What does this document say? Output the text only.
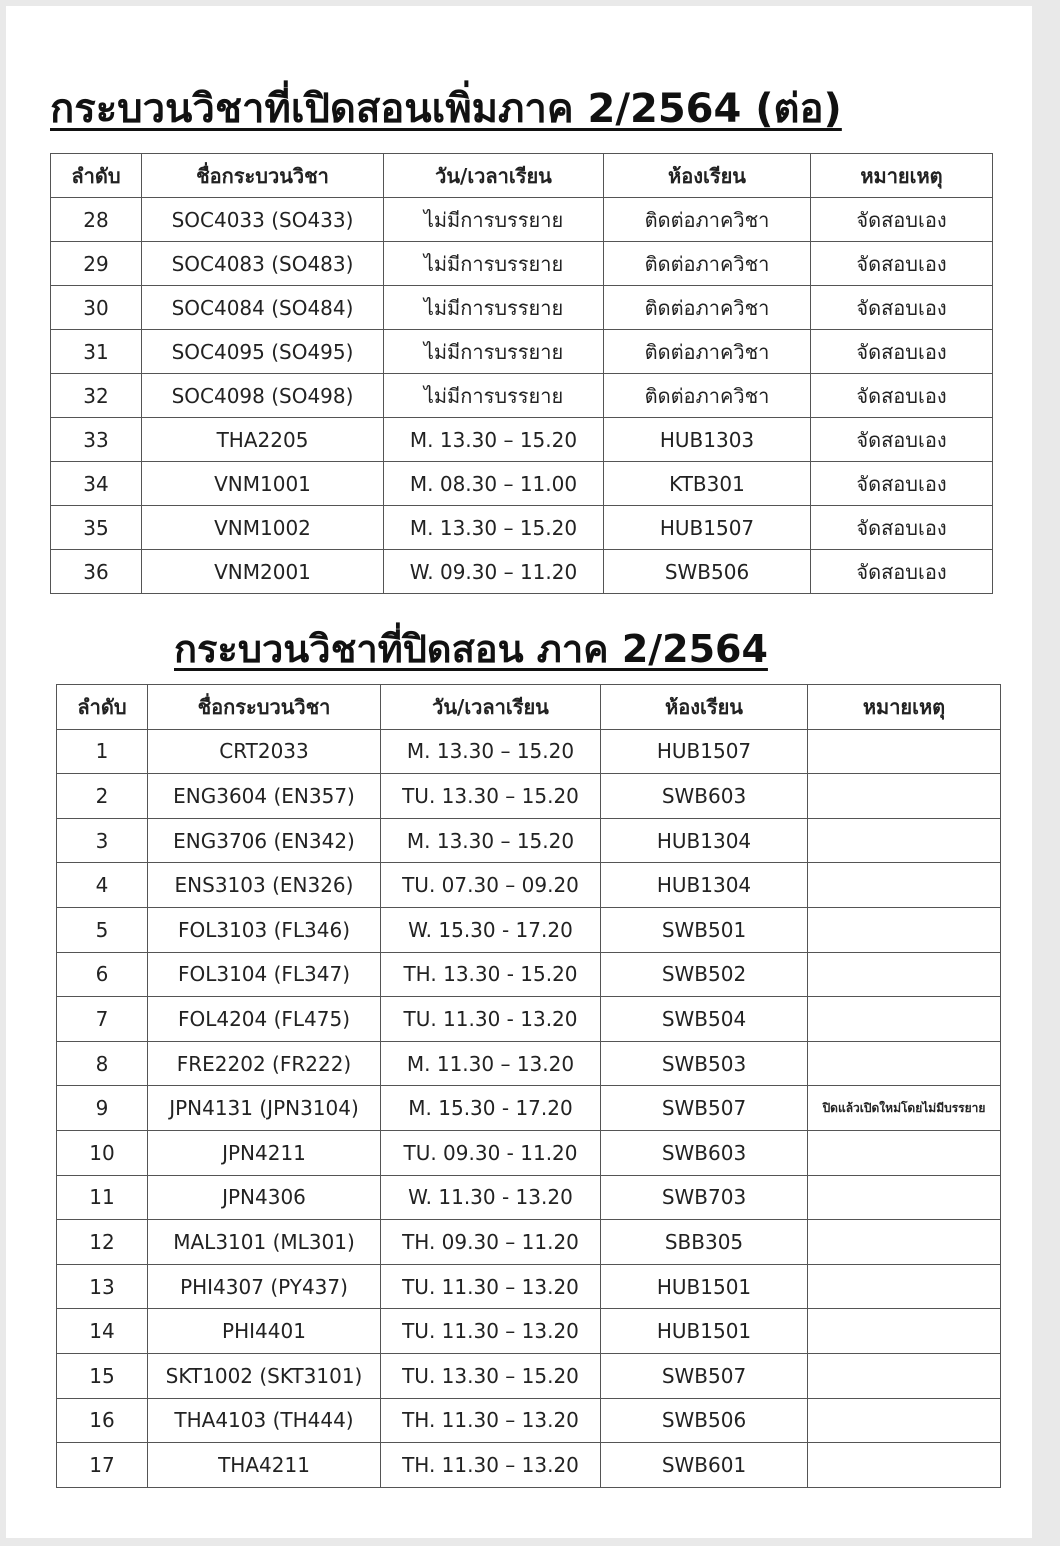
กระบวนวิชาที่เปิดสอนเพิ่มภาค 2/2564 (ต่อ)
ลำดับ	ชื่อกระบวนวิชา	วัน/เวลาเรียน	ห้องเรียน	หมายเหตุ
28	SOC4033 (SO433)	ไม่มีการบรรยาย	ติดต่อภาควิชา	จัดสอบเอง
29	SOC4083 (SO483)	ไม่มีการบรรยาย	ติดต่อภาควิชา	จัดสอบเอง
30	SOC4084 (SO484)	ไม่มีการบรรยาย	ติดต่อภาควิชา	จัดสอบเอง
31	SOC4095 (SO495)	ไม่มีการบรรยาย	ติดต่อภาควิชา	จัดสอบเอง
32	SOC4098 (SO498)	ไม่มีการบรรยาย	ติดต่อภาควิชา	จัดสอบเอง
33	THA2205	M. 13.30 – 15.20	HUB1303	จัดสอบเอง
34	VNM1001	M. 08.30 – 11.00	KTB301	จัดสอบเอง
35	VNM1002	M. 13.30 – 15.20	HUB1507	จัดสอบเอง
36	VNM2001	W. 09.30 – 11.20	SWB506	จัดสอบเอง
กระบวนวิชาที่ปิดสอน ภาค 2/2564
ลำดับ	ชื่อกระบวนวิชา	วัน/เวลาเรียน	ห้องเรียน	หมายเหตุ
1	CRT2033	M. 13.30 – 15.20	HUB1507	
2	ENG3604 (EN357)	TU. 13.30 – 15.20	SWB603	
3	ENG3706 (EN342)	M. 13.30 – 15.20	HUB1304	
4	ENS3103 (EN326)	TU. 07.30 – 09.20	HUB1304	
5	FOL3103 (FL346)	W. 15.30 - 17.20	SWB501	
6	FOL3104 (FL347)	TH. 13.30 - 15.20	SWB502	
7	FOL4204 (FL475)	TU. 11.30 - 13.20	SWB504	
8	FRE2202 (FR222)	M. 11.30 – 13.20	SWB503	
9	JPN4131 (JPN3104)	M. 15.30 - 17.20	SWB507	ปิดแล้วเปิดใหม่โดยไม่มีบรรยาย
10	JPN4211	TU. 09.30 - 11.20	SWB603	
11	JPN4306	W. 11.30 - 13.20	SWB703	
12	MAL3101 (ML301)	TH. 09.30 – 11.20	SBB305	
13	PHI4307 (PY437)	TU. 11.30 – 13.20	HUB1501	
14	PHI4401	TU. 11.30 – 13.20	HUB1501	
15	SKT1002 (SKT3101)	TU. 13.30 – 15.20	SWB507	
16	THA4103 (TH444)	TH. 11.30 – 13.20	SWB506	
17	THA4211	TH. 11.30 – 13.20	SWB601	
